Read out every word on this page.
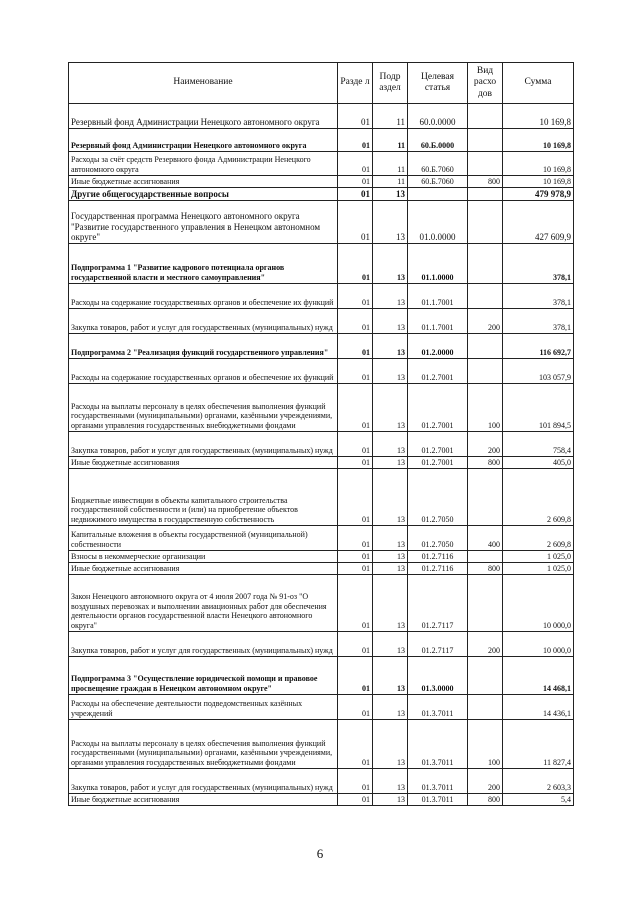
Наименование	Разде л	Подр аздел	Целевая статья	Вид расхо дов	Сумма
Резервный фонд Администрации Ненецкого автономного округа	01	11	60.0.0000		10 169,8
Резервный фонд Администрации Ненецкого автономного округа	01	11	60.Б.0000		10 169,8
Расходы за счёт средств Резервного фонда Администрации Ненецкого автономного округа	01	11	60.Б.7060		10 169,8
Иные бюджетные ассигнования	01	11	60.Б.7060	800	10 169,8
Другие общегосударственные вопросы	01	13			479 978,9
Государственная программа Ненецкого автономного округа "Развитие государственного управления в Ненецком автономном округе"	01	13	01.0.0000		427 609,9
Подпрограмма 1 "Развитие кадрового потенциала органов государственной власти и местного самоуправления"	01	13	01.1.0000		378,1
Расходы на содержание государственных органов и обеспечение их функций	01	13	01.1.7001		378,1
Закупка товаров, работ и услуг для государственных (муниципальных) нужд	01	13	01.1.7001	200	378,1
Подпрограмма 2 "Реализация функций государственного управления"	01	13	01.2.0000		116 692,7
Расходы на содержание государственных органов и обеспечение их функций	01	13	01.2.7001		103 057,9
Расходы на выплаты персоналу в целях обеспечения выполнения функций государственными (муниципальными) органами, казёнными учреждениями, органами управления государственных внебюджетными фондами	01	13	01.2.7001	100	101 894,5
Закупка товаров, работ и услуг для государственных (муниципальных) нужд	01	13	01.2.7001	200	758,4
Иные бюджетные ассигнования	01	13	01.2.7001	800	405,0
Бюджетные инвестиции в объекты капитального строительства государственной собственности и (или) на приобретение объектов недвижимого имущества в государственную собственность	01	13	01.2.7050		2 609,8
Капитальные вложения в объекты государственной (муниципальной) собственности	01	13	01.2.7050	400	2 609,8
Взносы в некоммерческие организации	01	13	01.2.7116		1 025,0
Иные бюджетные ассигнования	01	13	01.2.7116	800	1 025,0
Закон Ненецкого автономного округа от 4 июля 2007 года № 91-оз "О воздушных перевозках и выполнении авиационных работ для обеспечения деятельности органов государственной власти Ненецкого автономного округа"	01	13	01.2.7117		10 000,0
Закупка товаров, работ и услуг для государственных (муниципальных) нужд	01	13	01.2.7117	200	10 000,0
Подпрограмма 3 "Осуществление юридической помощи и правовое просвещение граждан в Ненецком автономном округе"	01	13	01.3.0000		14 468,1
Расходы на обеспечение деятельности подведомственных казённых учреждений	01	13	01.3.7011		14 436,1
Расходы на выплаты персоналу в целях обеспечения выполнения функций государственными (муниципальными) органами, казёнными учреждениями, органами управления государственных внебюджетными фондами	01	13	01.3.7011	100	11 827,4
Закупка товаров, работ и услуг для государственных (муниципальных) нужд	01	13	01.3.7011	200	2 603,3
Иные бюджетные ассигнования	01	13	01.3.7011	800	5,4
6
